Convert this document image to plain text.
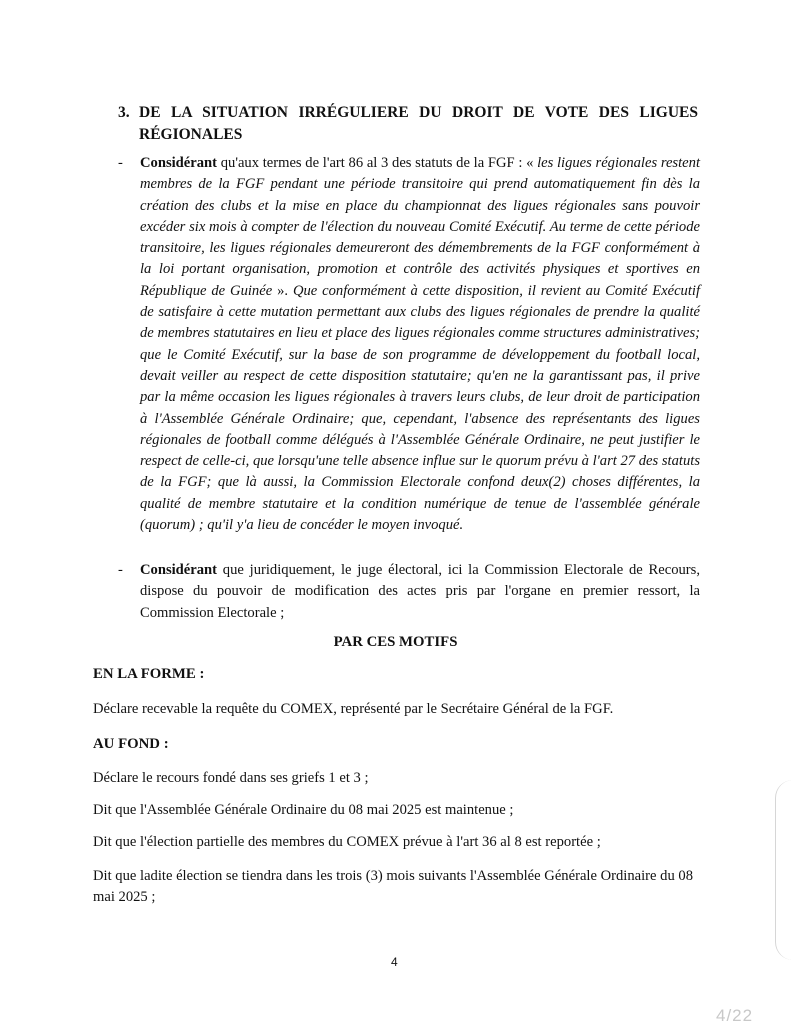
3. DE LA SITUATION IRRÉGULIERE DU DROIT DE VOTE DES LIGUES RÉGIONALES
- Considérant qu'aux termes de l'art 86 al 3 des statuts de la FGF : « les ligues régionales restent membres de la FGF pendant une période transitoire qui prend automatiquement fin dès la création des clubs et la mise en place du championnat des ligues régionales sans pouvoir excéder six mois à compter de l'élection du nouveau Comité Exécutif. Au terme de cette période transitoire, les ligues régionales demeureront des démembrements de la FGF conformément à la loi portant organisation, promotion et contrôle des activités physiques et sportives en République de Guinée ». Que conformément à cette disposition, il revient au Comité Exécutif de satisfaire à cette mutation permettant aux clubs des ligues régionales de prendre la qualité de membres statutaires en lieu et place des ligues régionales comme structures administratives; que le Comité Exécutif, sur la base de son programme de développement du football local, devait veiller au respect de cette disposition statutaire; qu'en ne la garantissant pas, il prive par la même occasion les ligues régionales à travers leurs clubs, de leur droit de participation à l'Assemblée Générale Ordinaire; que, cependant, l'absence des représentants des ligues régionales de football comme délégués à l'Assemblée Générale Ordinaire, ne peut justifier le respect de celle-ci, que lorsqu'une telle absence influe sur le quorum prévu à l'art 27 des statuts de la FGF; que là aussi, la Commission Electorale confond deux(2) choses différentes, la qualité de membre statutaire et la condition numérique de tenue de l'assemblée générale (quorum) ; qu'il y'a lieu de concéder le moyen invoqué.
- Considérant que juridiquement, le juge électoral, ici la Commission Electorale de Recours, dispose du pouvoir de modification des actes pris par l'organe en premier ressort, la Commission Electorale ;
PAR CES MOTIFS
EN LA FORME :
Déclare recevable la requête du COMEX, représenté par le Secrétaire Général de la FGF.
AU FOND :
Déclare le recours fondé dans ses griefs 1 et 3 ;
Dit que l'Assemblée Générale Ordinaire du 08 mai 2025 est maintenue ;
Dit que l'élection partielle des membres du COMEX prévue à l'art 36 al 8 est reportée ;
Dit que ladite élection se tiendra dans les trois (3) mois suivants l'Assemblée Générale Ordinaire du 08 mai 2025 ;
4
4/22
